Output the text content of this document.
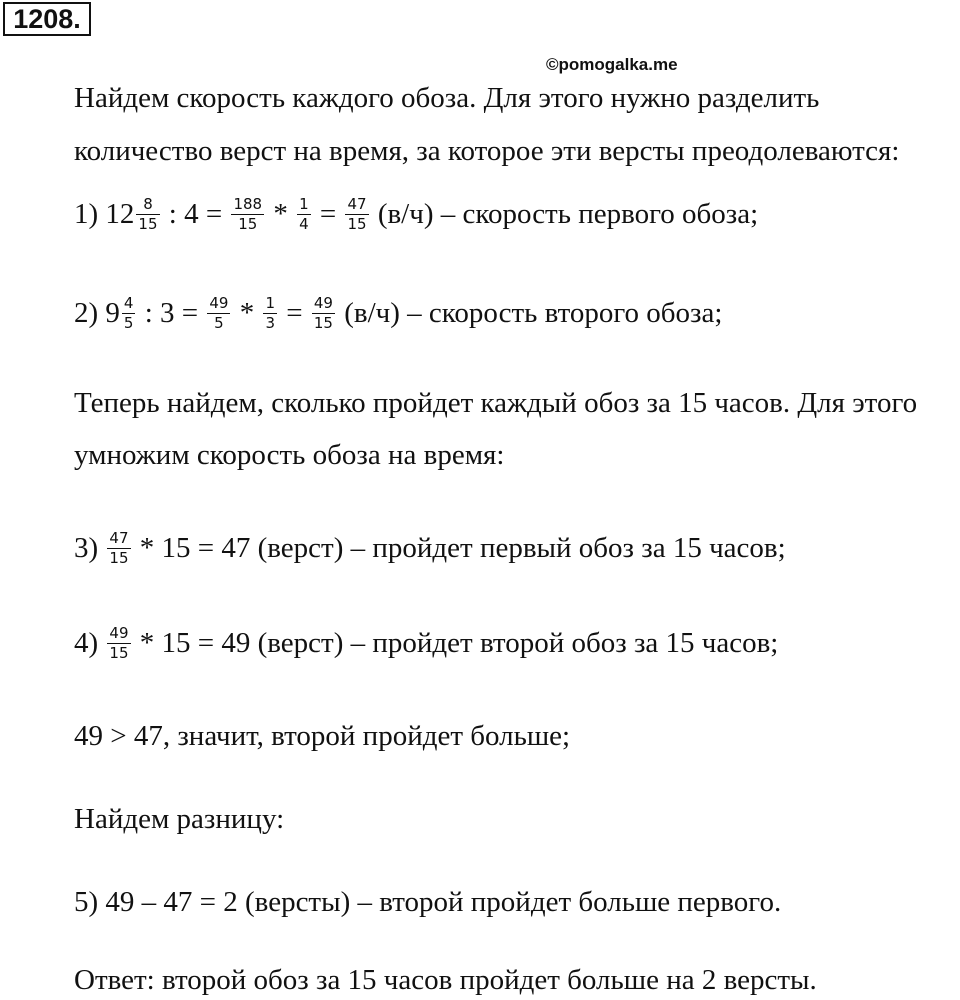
1208.
©pomogalka.me
Найдем скорость каждого обоза. Для этого нужно разделить
количество верст на время, за которое эти версты преодолеваются:
1) $12 \frac{8}{15}$ : $4 = \frac{188}{15} * \frac{1}{4} = \frac{47}{15} (в/ч)$ – скорость первого обоза;
2) $9 \frac{4}{5}$ : $3 = \frac{49}{5} * \frac{1}{3} = \frac{49}{15} (в/ч)$ – скорость второго обоза;
Теперь найдем, сколько пройдет каждый обоз за 15 часов. Для этого
умножим скорость обоза на время:
$3) \frac{47}{15} * 15 = 47$ (верст) – пройдет первый обоз за 15 часов;
$4) \frac{49}{15} * 15 = 49$ (верст) – пройдет второй обоз за 15 часов;
49 > 47, значит, второй пройдет больше;
Найдем разницу:
5) 49 – 47 = 2 (версты) – второй пройдет больше первого.
Ответ: второй обоз за 15 часов пройдет больше на 2 версты.
